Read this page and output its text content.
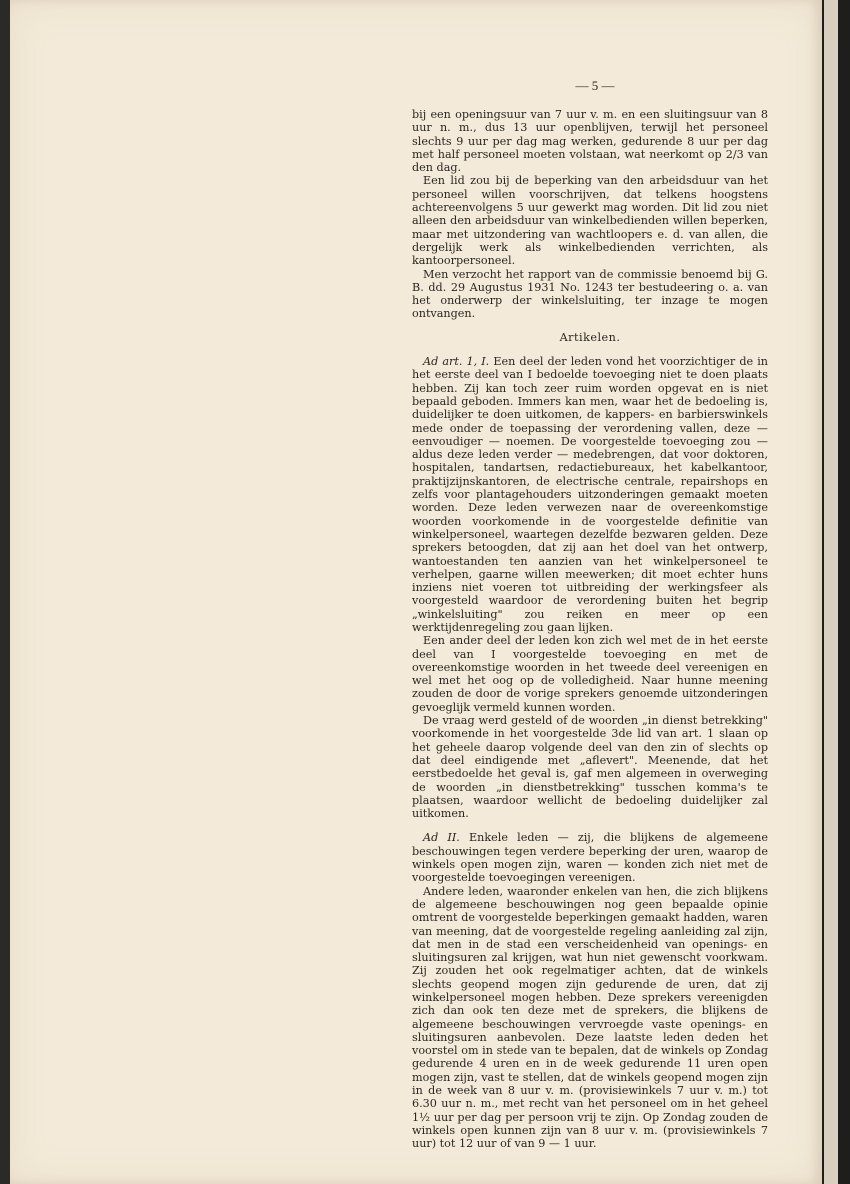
— 5 —

bij een openingsuur van 7 uur v. m. en een sluitingsuur van 8 uur n. m., dus 13 uur openblijven, terwijl het personeel slechts 9 uur per dag mag werken, gedurende 8 uur per dag met half personeel moeten volstaan, wat neerkomt op 2/3 van den dag.

Een lid zou bij de beperking van den arbeidsduur van het personeel willen voorschrijven, dat telkens hoogstens achtereenvolgens 5 uur gewerkt mag worden. Dit lid zou niet alleen den arbeidsduur van winkelbedienden willen beperken, maar met uitzondering van wachtloopers e. d. van allen, die dergelijk werk als winkelbedienden verrichten, als kantoorpersoneel.

Men verzocht het rapport van de commissie benoemd bij G. B. dd. 29 Augustus 1931 No. 1243 ter bestudeering o. a. van het onderwerp der winkelsluiting, ter inzage te mogen ontvangen.

Artikelen.

Ad art. 1, I. Een deel der leden vond het voorzichtiger de in het eerste deel van I bedoelde toevoeging niet te doen plaats hebben. Zij kan toch zeer ruim worden opgevat en is niet bepaald geboden. Immers kan men, waar het de bedoeling is, duidelijker te doen uitkomen, de kappers- en barbierswinkels mede onder de toepassing der verordening vallen, deze — eenvoudiger — noemen. De voorgestelde toevoeging zou — aldus deze leden verder — medebrengen, dat voor doktoren, hospitalen, tandartsen, redactiebureaux, het kabelkantoor, praktijzijnskantoren, de electrische centrale, repairshops en zelfs voor plantagehouders uitzonderingen gemaakt moeten worden. Deze leden verwezen naar de overeenkomstige woorden voorkomende in de voorgestelde definitie van winkelpersoneel, waartegen dezelfde bezwaren gelden. Deze sprekers betoogden, dat zij aan het doel van het ontwerp, wantoestanden ten aanzien van het winkelpersoneel te verhelpen, gaarne willen meewerken; dit moet echter huns inziens niet voeren tot uitbreiding der werkingsfeer als voorgesteld waardoor de verordening buiten het begrip „winkelsluiting" zou reiken en meer op een werktijdenregeling zou gaan lijken.

Een ander deel der leden kon zich wel met de in het eerste deel van I voorgestelde toevoeging en met de overeenkomstige woorden in het tweede deel vereenigen en wel met het oog op de volledigheid. Naar hunne meening zouden de door de vorige sprekers genoemde uitzonderingen gevoeglijk vermeld kunnen worden.

De vraag werd gesteld of de woorden „in dienst betrekking" voorkomende in het voorgestelde 3de lid van art. 1 slaan op het geheele daarop volgende deel van den zin of slechts op dat deel eindigende met „aflevert". Meenende, dat het eerstbedoelde het geval is, gaf men algemeen in overweging de woorden „in dienstbetrekking" tusschen komma's te plaatsen, waardoor wellicht de bedoeling duidelijker zal uitkomen.

Ad II. Enkele leden — zij, die blijkens de algemeene beschouwingen tegen verdere beperking der uren, waarop de winkels open mogen zijn, waren — konden zich niet met de voorgestelde toevoegingen vereenigen.

Andere leden, waaronder enkelen van hen, die zich blijkens de algemeene beschouwingen nog geen bepaalde opinie omtrent de voorgestelde beperkingen gemaakt hadden, waren van meening, dat de voorgestelde regeling aanleiding zal zijn, dat men in de stad een verscheidenheid van openings- en sluitingsuren zal krijgen, wat hun niet gewenscht voorkwam. Zij zouden het ook regelmatiger achten, dat de winkels slechts geopend mogen zijn gedurende de uren, dat zij winkelpersoneel mogen hebben. Deze sprekers vereenigden zich dan ook ten deze met de sprekers, die blijkens de algemeene beschouwingen vervroegde vaste openings- en sluitingsuren aanbevolen. Deze laatste leden deden het voorstel om in stede van te bepalen, dat de winkels op Zondag gedurende 4 uren en in de week gedurende 11 uren open mogen zijn, vast te stellen, dat de winkels geopend mogen zijn in de week van 8 uur v. m. (provisiewinkels 7 uur v. m.) tot 6.30 uur n. m., met recht van het personeel om in het geheel 1½ uur per dag per persoon vrij te zijn. Op Zondag zouden de winkels open kunnen zijn van 8 uur v. m. (provisiewinkels 7 uur) tot 12 uur of van 9 — 1 uur.
